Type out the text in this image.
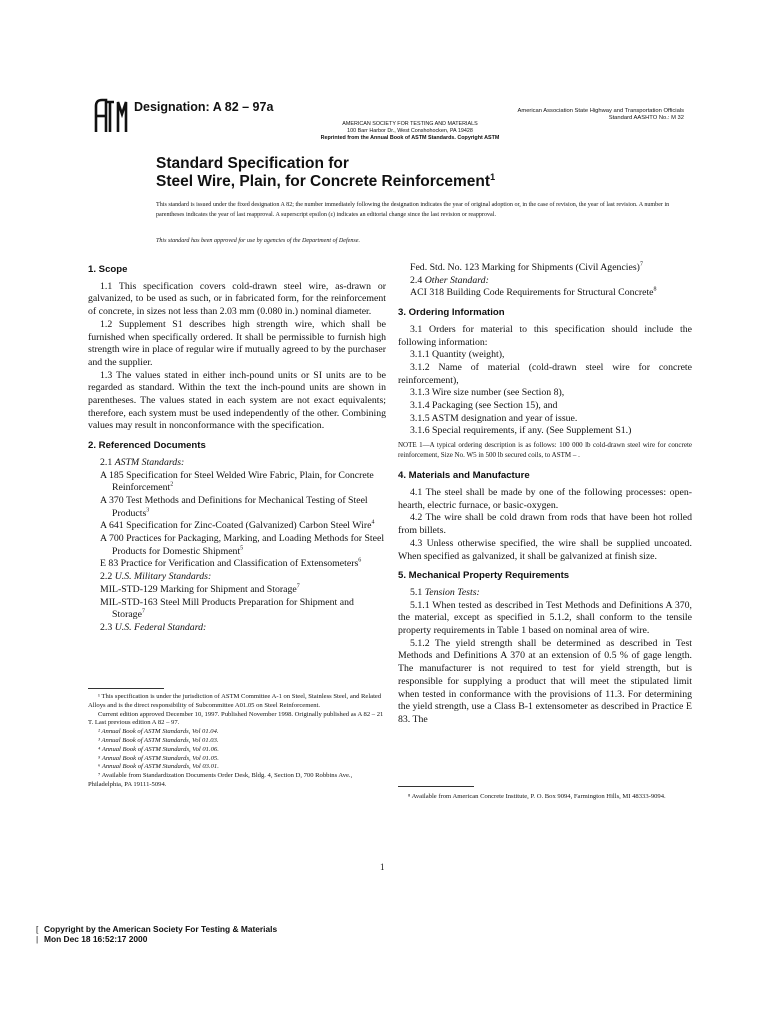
Designation: A 82 – 97a	American Association State Highway and Transportation Officials
Standard AASHTO No.: M 32
AMERICAN SOCIETY FOR TESTING AND MATERIALS
100 Barr Harbor Dr., West Conshohocken, PA 19428
Reprinted from the Annual Book of ASTM Standards. Copyright ASTM
Standard Specification for
Steel Wire, Plain, for Concrete Reinforcement$^1$
This standard is issued under the fixed designation A 82; the number immediately following the designation indicates the year of original adoption or, in the case of revision, the year of last revision. A number in parentheses indicates the year of last reapproval. A superscript epsilon (ε) indicates an editorial change since the last revision or reapproval.
This standard has been approved for use by agencies of the Department of Defense.
1. Scope

1.1 This specification covers cold-drawn steel wire, as-drawn or galvanized, to be used as such, or in fabricated form, for the reinforcement of concrete, in sizes not less than 2.03 mm (0.080 in.) nominal diameter.

1.2 Supplement S1 describes high strength wire, which shall be furnished when specifically ordered. It shall be permissible to furnish high strength wire in place of regular wire if mutually agreed to by the purchaser and the supplier.

1.3 The values stated in either inch-pound units or SI units are to be regarded as standard. Within the text the inch-pound units are shown in parentheses. The values stated in each system are not exact equivalents; therefore, each system must be used independently of the other. Combining values may result in nonconformance with the specification.

2. Referenced Documents

2.1 ASTM Standards:

A 185 Specification for Steel Welded Wire Fabric, Plain, for Concrete Reinforcement$^2$

A 370 Test Methods and Definitions for Mechanical Testing of Steel Products$^3$

A 641 Specification for Zinc-Coated (Galvanized) Carbon Steel Wire$^4$

A 700 Practices for Packaging, Marking, and Loading Methods for Steel Products for Domestic Shipment$^5$

E 83 Practice for Verification and Classification of Extensometers$^6$

2.2 U.S. Military Standards:

MIL-STD-129 Marking for Shipment and Storage$^7$

MIL-STD-163 Steel Mill Products Preparation for Shipment and Storage$^7$

2.3 U.S. Federal Standard:

Fed. Std. No. 123 Marking for Shipments (Civil Agencies)$^7$

2.4 Other Standard:

ACI 318 Building Code Requirements for Structural Concrete$^8$

3. Ordering Information

3.1 Orders for material to this specification should include the following information:

3.1.1 Quantity (weight),

3.1.2 Name of material (cold-drawn steel wire for concrete reinforcement),

3.1.3 Wire size number (see Section 8),

3.1.4 Packaging (see Section 15), and

3.1.5 ASTM designation and year of issue.

3.1.6 Special requirements, if any. (See Supplement S1.)

NOTE 1—A typical ordering description is as follows: 100 000 lb cold-drawn steel wire for concrete reinforcement, Size No. W5 in 500 lb secured coils, to ASTM – .

4. Materials and Manufacture

4.1 The steel shall be made by one of the following processes: open-hearth, electric furnace, or basic-oxygen.

4.2 The wire shall be cold drawn from rods that have been hot rolled from billets.

4.3 Unless otherwise specified, the wire shall be supplied uncoated. When specified as galvanized, it shall be galvanized at finish size.

5. Mechanical Property Requirements

5.1 Tension Tests:

5.1.1 When tested as described in Test Methods and Definitions A 370, the material, except as specified in 5.1.2, shall conform to the tensile property requirements in Table 1 based on nominal area of wire.

5.1.2 The yield strength shall be determined as described in Test Methods and Definitions A 370 at an extension of 0.5 % of gage length. The manufacturer is not required to test for yield strength, but is responsible for supplying a product that will meet the stipulated limit when tested in conformance with the provisions of 11.3. For determining the yield strength, use a Class B-1 extensometer as described in Practice E 83. The

¹ This specification is under the jurisdiction of ASTM Committee A-1 on Steel, Stainless Steel, and Related Alloys and is the direct responsibility of Subcommittee A01.05 on Steel Reinforcement.

Current edition approved December 10, 1997. Published November 1998. Originally published as A 82 – 21 T. Last previous edition A 82 – 97.

² Annual Book of ASTM Standards, Vol 01.04.

³ Annual Book of ASTM Standards, Vol 01.03.

⁴ Annual Book of ASTM Standards, Vol 01.06.

⁵ Annual Book of ASTM Standards, Vol 01.05.

⁶ Annual Book of ASTM Standards, Vol 03.01.

⁷ Available from Standardization Documents Order Desk, Bldg. 4, Section D, 700 Robbins Ave., Philadelphia, PA 19111-5094.

⁸ Available from American Concrete Institute, P. O. Box 9094, Farmington Hills, MI 48333-9094.

1
[ Copyright by the American Society For Testing & Materials
| Mon Dec 18 16:52:17 2000
